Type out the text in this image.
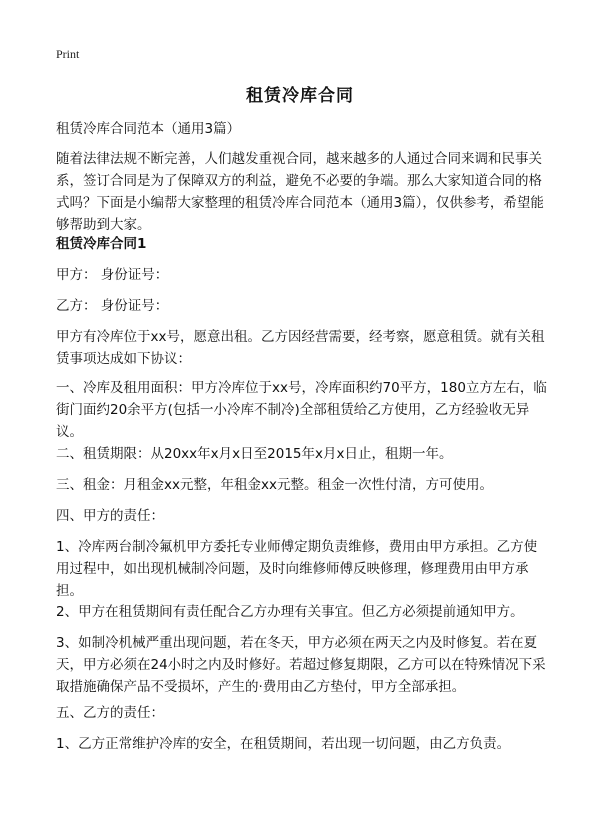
Print
租赁冷库合同

租赁冷库合同范本（通用3篇）

随着法律法规不断完善，人们越发重视合同，越来越多的人通过合同来调和民事关系，签订合同是为了保障双方的利益，避免不必要的争端。那么大家知道合同的格式吗？下面是小编帮大家整理的租赁冷库合同范本（通用3篇），仅供参考，希望能够帮助到大家。

租赁冷库合同1

甲方： 身份证号：

乙方： 身份证号：

甲方有冷库位于xx号，愿意出租。乙方因经营需要，经考察，愿意租赁。就有关租赁事项达成如下协议：

一、冷库及租用面积：甲方冷库位于xx号，冷库面积约70平方，180立方左右，临街门面约20余平方(包括一小冷库不制冷)全部租赁给乙方使用，乙方经验收无异议。

二、租赁期限：从20xx年x月x日至2015年x月x日止，租期一年。

三、租金：月租金xx元整，年租金xx元整。租金一次性付清，方可使用。

四、甲方的责任：

1、冷库两台制冷氟机甲方委托专业师傅定期负责维修，费用由甲方承担。乙方使用过程中，如出现机械制冷问题，及时向维修师傅反映修理，修理费用由甲方承担。

2、甲方在租赁期间有责任配合乙方办理有关事宜。但乙方必须提前通知甲方。

3、如制冷机械严重出现问题，若在冬天，甲方必须在两天之内及时修复。若在夏天，甲方必须在24小时之内及时修好。若超过修复期限，乙方可以在特殊情况下采取措施确保产品不受损坏，产生的·费用由乙方垫付，甲方全部承担。

五、乙方的责任：

1、乙方正常维护冷库的安全，在租赁期间，若出现一切问题，由乙方负责。
